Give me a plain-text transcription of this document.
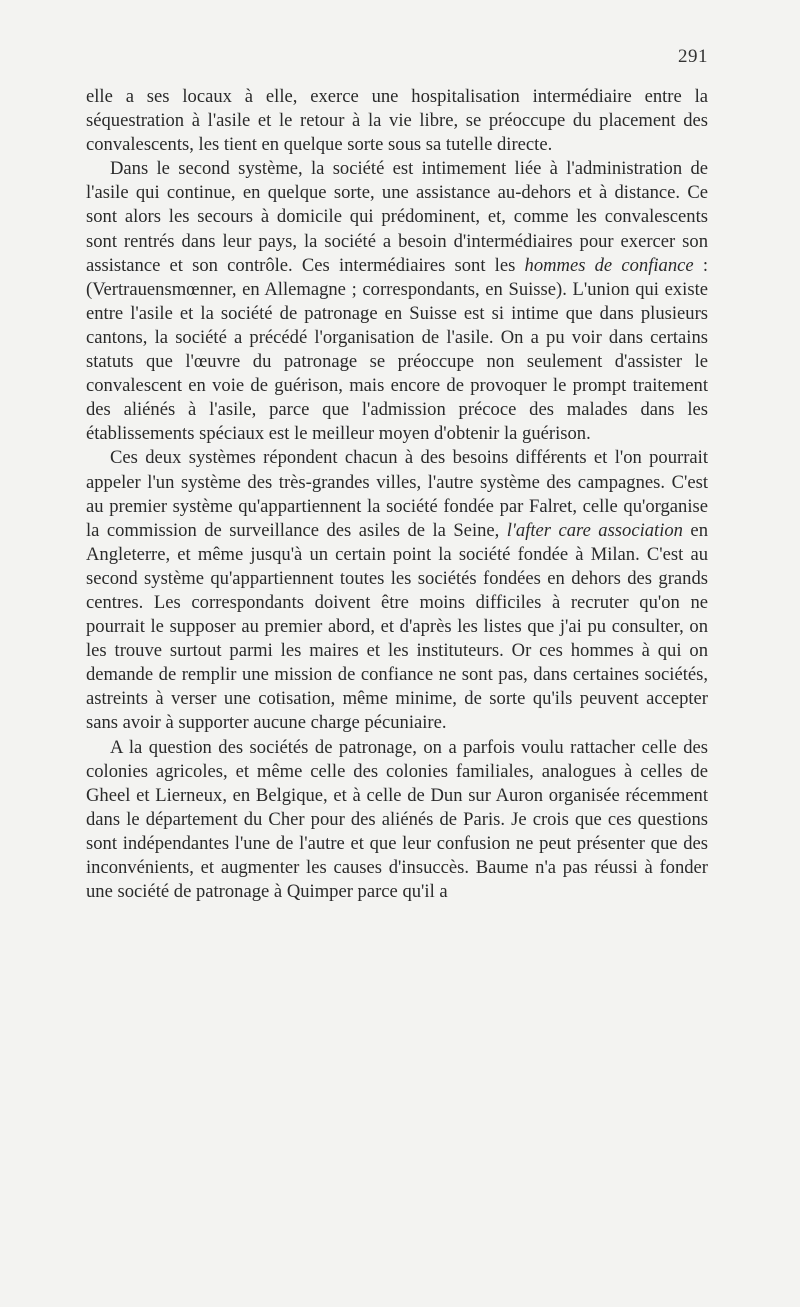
291

elle a ses locaux à elle, exerce une hospitalisation intermédiaire entre la séquestration à l'asile et le retour à la vie libre, se préoccupe du placement des convalescents, les tient en quelque sorte sous sa tutelle directe.

Dans le second système, la société est intimement liée à l'administration de l'asile qui continue, en quelque sorte, une assistance au-dehors et à distance. Ce sont alors les secours à domicile qui prédominent, et, comme les convalescents sont rentrés dans leur pays, la société a besoin d'intermédiaires pour exercer son assistance et son contrôle. Ces intermédiaires sont les hommes de confiance : (Vertrauensmœnner, en Allemagne ; correspondants, en Suisse). L'union qui existe entre l'asile et la société de patronage en Suisse est si intime que dans plusieurs cantons, la société a précédé l'organisation de l'asile. On a pu voir dans certains statuts que l'œuvre du patronage se préoccupe non seulement d'assister le convalescent en voie de guérison, mais encore de provoquer le prompt traitement des aliénés à l'asile, parce que l'admission précoce des malades dans les établissements spéciaux est le meilleur moyen d'obtenir la guérison.

Ces deux systèmes répondent chacun à des besoins différents et l'on pourrait appeler l'un système des très-grandes villes, l'autre système des campagnes. C'est au premier système qu'appartiennent la société fondée par Falret, celle qu'organise la commission de surveillance des asiles de la Seine, l'after care association en Angleterre, et même jusqu'à un certain point la société fondée à Milan. C'est au second système qu'appartiennent toutes les sociétés fondées en dehors des grands centres. Les correspondants doivent être moins difficiles à recruter qu'on ne pourrait le supposer au premier abord, et d'après les listes que j'ai pu consulter, on les trouve surtout parmi les maires et les instituteurs. Or ces hommes à qui on demande de remplir une mission de confiance ne sont pas, dans certaines sociétés, astreints à verser une cotisation, même minime, de sorte qu'ils peuvent accepter sans avoir à supporter aucune charge pécuniaire.

A la question des sociétés de patronage, on a parfois voulu rattacher celle des colonies agricoles, et même celle des colonies familiales, analogues à celles de Gheel et Lierneux, en Belgique, et à celle de Dun sur Auron organisée récemment dans le département du Cher pour des aliénés de Paris. Je crois que ces questions sont indépendantes l'une de l'autre et que leur confusion ne peut présenter que des inconvénients, et augmenter les causes d'insuccès. Baume n'a pas réussi à fonder une société de patronage à Quimper parce qu'il a
